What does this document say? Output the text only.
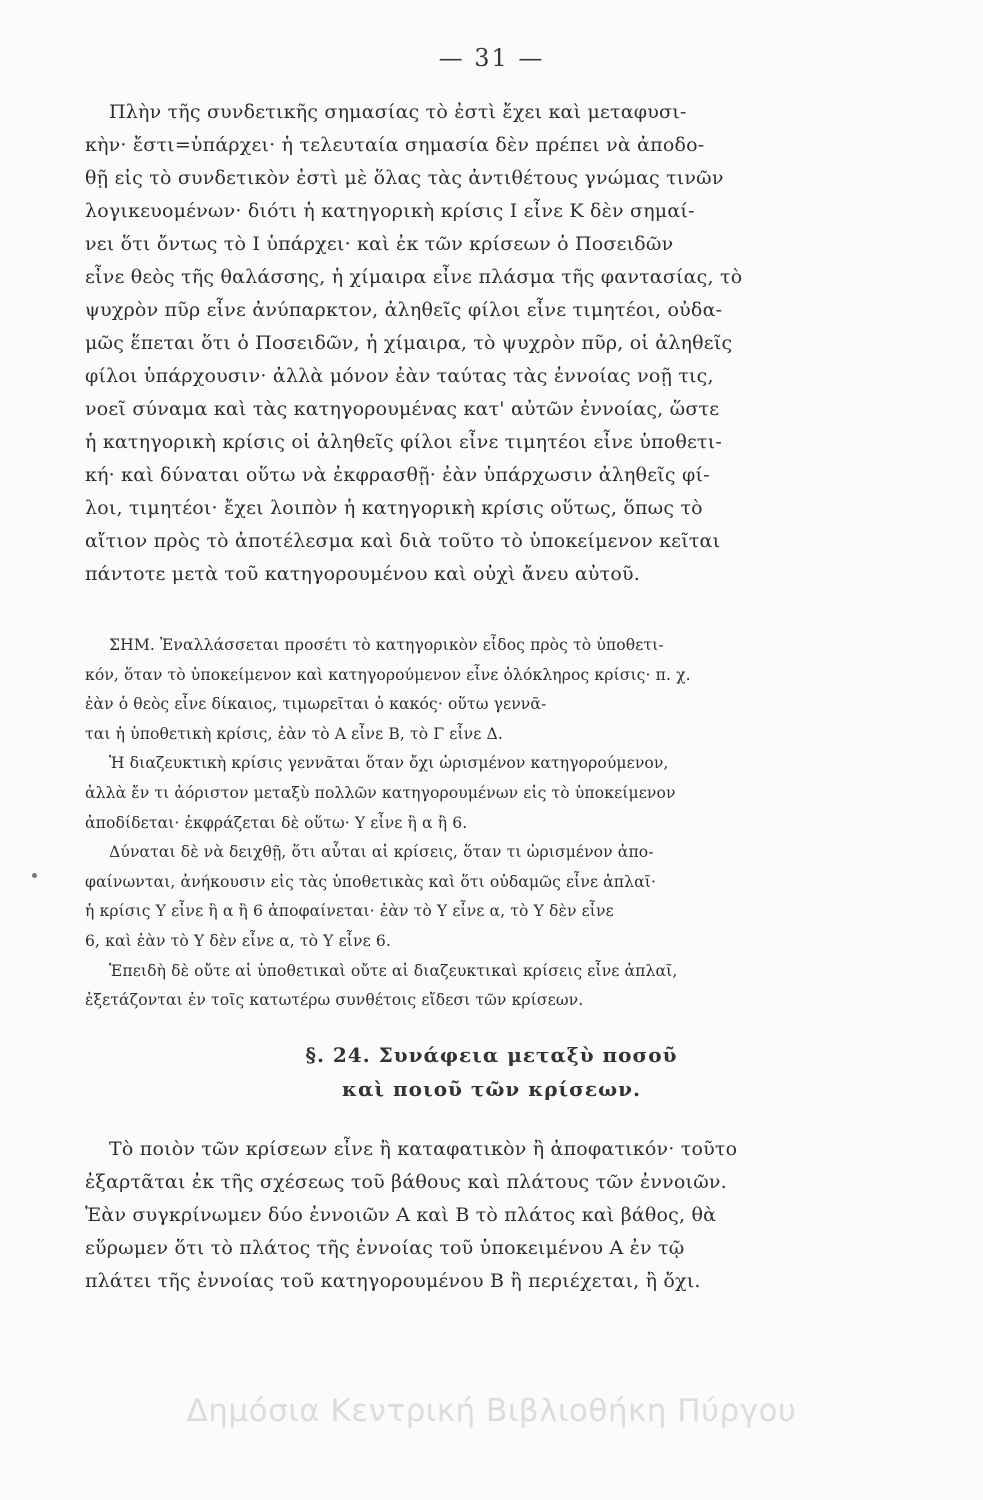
— 31 —

Πλὴν τῆς συνδετικῆς σημασίας τὸ ἐστὶ ἔχει καὶ μεταφυσι-

κὴν· ἔστι=ὑπάρχει· ἡ τελευταία σημασία δὲν πρέπει νὰ ἀποδο-

θῇ εἰς τὸ συνδετικὸν ἐστὶ μὲ ὅλας τὰς ἀντιθέτους γνώμας τινῶν

λογικευομένων· διότι ἡ κατηγορικὴ κρίσις Ι εἶνε Κ δὲν σημαί-

νει ὅτι ὄντως τὸ Ι ὑπάρχει· καὶ ἐκ τῶν κρίσεων ὁ Ποσειδῶν

εἶνε θεὸς τῆς θαλάσσης, ἡ χίμαιρα εἶνε πλάσμα τῆς φαντασίας, τὸ

ψυχρὸν πῦρ εἶνε ἀνύπαρκτον, ἀληθεῖς φίλοι εἶνε τιμητέοι, οὐδα-

μῶς ἕπεται ὅτι ὁ Ποσειδῶν, ἡ χίμαιρα, τὸ ψυχρὸν πῦρ, οἱ ἀληθεῖς

φίλοι ὑπάρχουσιν· ἀλλὰ μόνον ἐὰν ταύτας τὰς ἐννοίας νοῇ τις,

νοεῖ σύναμα καὶ τὰς κατηγορουμένας κατ' αὐτῶν ἐννοίας, ὥστε

ἡ κατηγορικὴ κρίσις οἱ ἀληθεῖς φίλοι εἶνε τιμητέοι εἶνε ὑποθετι-

κή· καὶ δύναται οὕτω νὰ ἐκφρασθῇ· ἐὰν ὑπάρχωσιν ἀληθεῖς φί-

λοι, τιμητέοι· ἔχει λοιπὸν ἡ κατηγορικὴ κρίσις οὕτως, ὅπως τὸ

αἴτιον πρὸς τὸ ἀποτέλεσμα καὶ διὰ τοῦτο τὸ ὑποκείμενον κεῖται

πάντοτε μετὰ τοῦ κατηγορουμένου καὶ οὐχὶ ἄνευ αὐτοῦ.

ΣΗΜ. Ἐναλλάσσεται προσέτι τὸ κατηγορικὸν εἶδος πρὸς τὸ ὑποθετι-

κόν, ὅταν τὸ ὑποκείμενον καὶ κατηγορούμενον εἶνε ὁλόκληρος κρίσις· π. χ.

ἐὰν ὁ θεὸς εἶνε δίκαιος, τιμωρεῖται ὁ κακός· οὕτω γεννᾶ-

ται ἡ ὑποθετικὴ κρίσις, ἐὰν τὸ Α εἶνε Β, τὸ Γ εἶνε Δ.

Ἡ διαζευκτικὴ κρίσις γεννᾶται ὅταν ὄχι ὡρισμένον κατηγορούμενον,

ἀλλὰ ἔν τι ἀόριστον μεταξὺ πολλῶν κατηγορουμένων εἰς τὸ ὑποκείμενον

ἀποδίδεται· ἐκφράζεται δὲ οὕτω· Υ εἶνε ἢ α ἢ 6.

Δύναται δὲ νὰ δειχθῇ, ὅτι αὗται αἱ κρίσεις, ὅταν τι ὡρισμένον ἀπο-

φαίνωνται, ἀνήκουσιν εἰς τὰς ὑποθετικὰς καὶ ὅτι οὐδαμῶς εἶνε ἁπλαῖ·

ἡ κρίσις Υ εἶνε ἢ α ἢ 6 ἀποφαίνεται· ἐὰν τὸ Υ εἶνε α, τὸ Υ δὲν εἶνε

6, καὶ ἐὰν τὸ Υ δὲν εἶνε α, τὸ Υ εἶνε 6.

Ἐπειδὴ δὲ οὔτε αἱ ὑποθετικαὶ οὔτε αἱ διαζευκτικαὶ κρίσεις εἶνε ἁπλαῖ,

ἐξετάζονται ἐν τοῖς κατωτέρω συνθέτοις εἴδεσι τῶν κρίσεων.

§. 24. Συνάφεια μεταξὺ ποσοῦ

καὶ ποιοῦ τῶν κρίσεων.

Τὸ ποιὸν τῶν κρίσεων εἶνε ἢ καταφατικὸν ἢ ἀποφατικόν· τοῦτο

ἐξαρτᾶται ἐκ τῆς σχέσεως τοῦ βάθους καὶ πλάτους τῶν ἐννοιῶν.

Ἐὰν συγκρίνωμεν δύο ἐννοιῶν Α καὶ Β τὸ πλάτος καὶ βάθος, θὰ

εὕρωμεν ὅτι τὸ πλάτος τῆς ἐννοίας τοῦ ὑποκειμένου Α ἐν τῷ

πλάτει τῆς ἐννοίας τοῦ κατηγορουμένου Β ἢ περιέχεται, ἢ ὄχι.

Δημόσια Κεντρική Βιβλιοθήκη Πύργου
